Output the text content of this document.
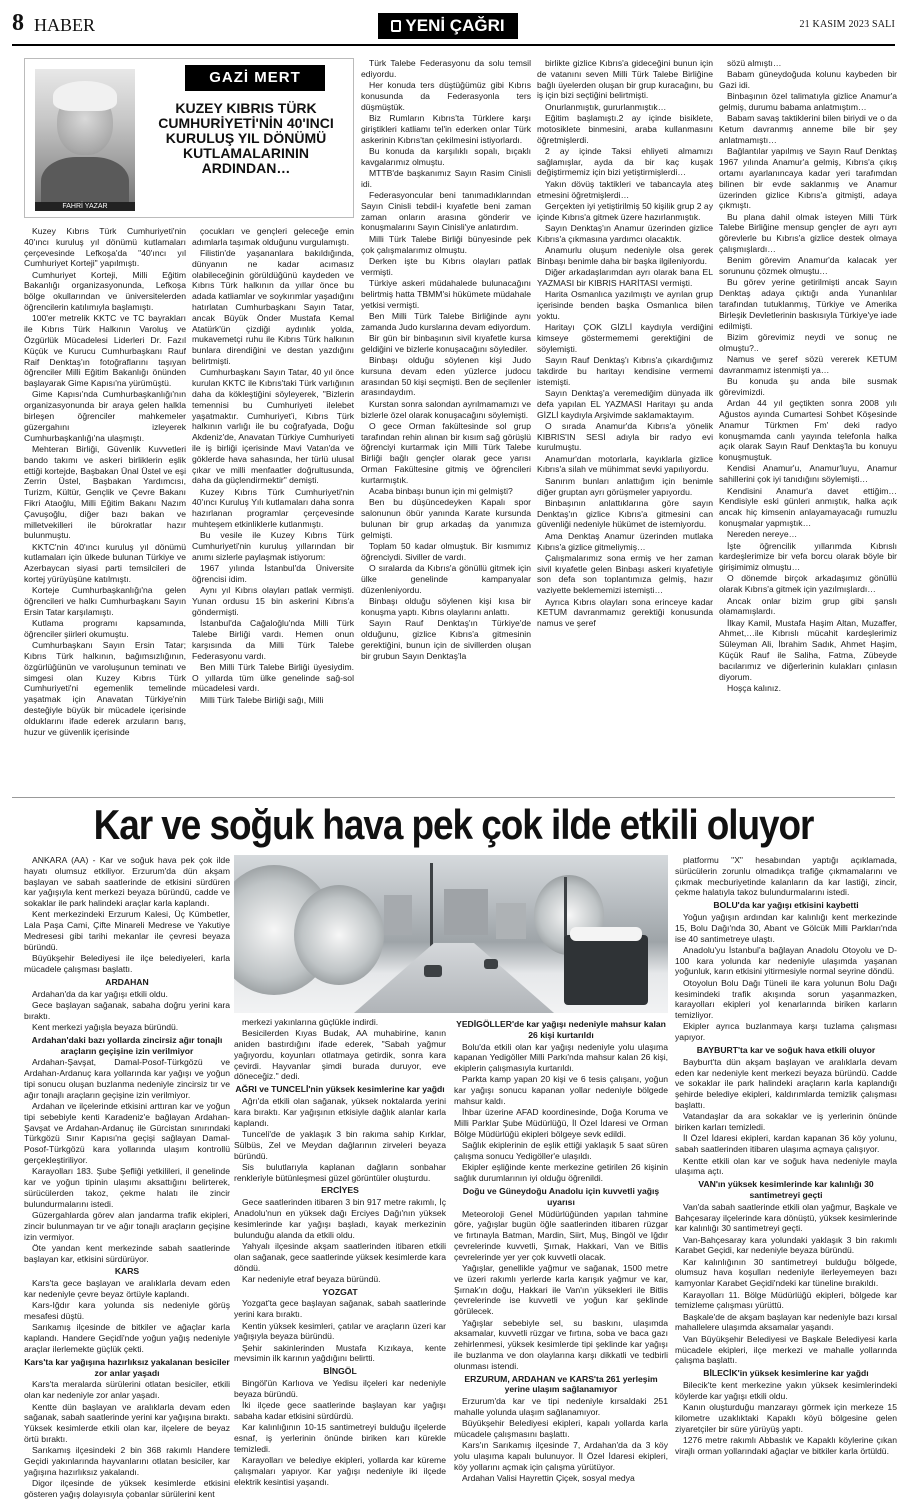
8 HABER	YENİ ÇAĞRI	21 KASIM 2023 SALI
FAHRİ YAZAR
GAZİ MERT
KUZEY KIBRIS TÜRK CUMHURİYETİ'NİN 40'INCI KURULUŞ YIL DÖNÜMÜ KUTLAMALARININ ARDINDAN…

Kuzey Kıbrıs Türk Cumhuriyeti'nin 40'ıncı kuruluş yıl dönümü kutlamaları çerçevesinde Lefkoşa'da "40'ıncı yıl Cumhuriyet Korteji" yapılmıştı.

Cumhuriyet Korteji, Milli Eğitim Bakanlığı organizasyonunda, Lefkoşa bölge okullarından ve üniversitelerden öğrencilerin katılımıyla başlamıştı.

100'er metrelik KKTC ve TC bayrakları ile Kıbrıs Türk Halkının Varoluş ve Özgürlük Mücadelesi Liderleri Dr. Fazıl Küçük ve Kurucu Cumhurbaşkanı Rauf Raif Denktaş'ın fotoğraflarını taşıyan öğrenciler Milli Eğitim Bakanlığı önünden başlayarak Gime Kapısı'na yürümüştü.

Gime Kapısı'nda Cumhurbaşkanlığı'nın organizasyonunda bir araya gelen halkla birleşen öğrenciler mahkemeler güzergahını izleyerek Cumhurbaşkanlığı'na ulaşmıştı.

Mehteran Birliği, Güvenlik Kuvvetleri bando takımı ve askeri birliklerin eşlik ettiği kortejde, Başbakan Ünal Üstel ve eşi Zerrin Üstel, Başbakan Yardımcısı, Turizm, Kültür, Gençlik ve Çevre Bakanı Fikri Ataoğlu, Milli Eğitim Bakanı Nazım Çavuşoğlu, diğer bazı bakan ve milletvekilleri ile bürokratlar hazır bulunmuştu.

KKTC'nin 40'ıncı kuruluş yıl dönümü kutlamaları için ülkede bulunan Türkiye ve Azerbaycan siyasi parti temsilcileri de kortej yürüyüşüne katılmıştı.

Korteje Cumhurbaşkanlığı'na gelen öğrencileri ve halkı Cumhurbaşkanı Sayın Ersin Tatar karşılamıştı.

Kutlama programı kapsamında, öğrenciler şiirleri okumuştu.

Cumhurbaşkanı Sayın Ersin Tatar; Kıbrıs Türk halkının, bağımsızlığının, özgürlüğünün ve varoluşunun teminatı ve simgesi olan Kuzey Kıbrıs Türk Cumhuriyeti'ni egemenlik temelinde yaşatmak için Anavatan Türkiye'nin desteğiyle büyük bir mücadele içerisinde olduklarını ifade ederek arzuların barış, huzur ve güvenlik içerisinde

çocukları ve gençleri geleceğe emin adımlarla taşımak olduğunu vurgulamıştı.

Filistin'de yaşananlara bakıldığında, dünyanın ne kadar acımasız olabileceğinin görüldüğünü kaydeden ve Kıbrıs Türk halkının da yıllar önce bu adada katliamlar ve soykırımlar yaşadığını hatırlatan Cumhurbaşkanı Sayın Tatar, ancak Büyük Önder Mustafa Kemal Atatürk'ün çizdiği aydınlık yolda, mukavemetçi ruhu ile Kıbrıs Türk halkının bunlara direndiğini ve destan yazdığını belirtmişti.

Cumhurbaşkanı Sayın Tatar, 40 yıl önce kurulan KKTC ile Kıbrıs'taki Türk varlığının daha da kökleştiğini söyleyerek, "Bizlerin temennisi bu Cumhuriyeti ilelebet yaşatmaktır. Cumhuriyet'i, Kıbrıs Türk halkının varlığı ile bu coğrafyada, Doğu Akdeniz'de, Anavatan Türkiye Cumhuriyeti ile iş birliği içerisinde Mavi Vatan'da ve göklerde hava sahasında, her türlü ulusal çıkar ve milli menfaatler doğrultusunda, daha da güçlendirmektir" demişti.

Kuzey Kıbrıs Türk Cumhuriyeti'nin 40'ıncı Kuruluş Yılı kutlamaları daha sonra hazırlanan programlar çerçevesinde muhteşem etkinliklerle kutlanmıştı.

Bu vesile ile Kuzey Kıbrıs Türk Cumhuriyeti'nin kuruluş yıllarından bir anımı sizlerle paylaşmak istiyorum:

1967 yılında İstanbul'da Üniversite öğrencisi idim.

Aynı yıl Kıbrıs olayları patlak vermişti. Yunan ordusu 15 bin askerini Kıbrıs'a göndermişti.

İstanbul'da Cağaloğlu'nda Milli Türk Talebe Birliği vardı. Hemen onun karşısında da Milli Türk Talebe Federasyonu vardı.

Ben Milli Türk Talebe Birliği üyesiydim. O yıllarda tüm ülke genelinde sağ-sol mücadelesi vardı.

Milli Türk Talebe Birliği sağı, Milli

Türk Talebe Federasyonu da solu temsil ediyordu.

Her konuda ters düştüğümüz gibi Kıbrıs konusunda da Federasyonla ters düşmüştük.

Biz Rumların Kıbrıs'ta Türklere karşı giriştikleri katliamı tel'in ederken onlar Türk askerinin Kıbrıs'tan çekilmesini istiyorlardı.

Bu konuda da karşılıklı sopalı, bıçaklı kavgalarımız olmuştu.

MTTB'de başkanımız Sayın Rasim Cinisli idi.

Federasyoncular beni tanımadıklarından Sayın Cinisli tebdil-i kıyafetle beni zaman zaman onların arasına gönderir ve konuşmalarını Sayın Cinisli'ye anlatırdım.

Milli Türk Talebe Birliği bünyesinde pek çok çalışmalarımız olmuştu.

Derken işte bu Kıbrıs olayları patlak vermişti.

Türkiye askeri müdahalede bulunacağını belirtmiş hatta TBMM'si hükümete müdahale yetkisi vermişti.

Ben Milli Türk Talebe Birliğinde aynı zamanda Judo kurslarına devam ediyordum.

Bir gün bir binbaşının sivil kıyafetle kursa geldiğini ve bizlerle konuşacağını söylediler.

Binbaşı olduğu söylenen kişi Judo kursuna devam eden yüzlerce judocu arasından 50 kişi seçmişti. Ben de seçilenler arasındaydım.

Kurstan sonra salondan ayrılmamamızı ve bizlerle özel olarak konuşacağını söylemişti.

O gece Orman fakültesinde sol grup tarafından rehin alınan bir kısım sağ görüşlü öğrenciyi kurtarmak için Milli Türk Talebe Birliği bağlı gençler olarak gece yarısı Orman Fakültesine gitmiş ve öğrencileri kurtarmıştık.

Acaba binbaşı bunun için mi gelmişti?

Ben bu düşüncedeyken Kapalı spor salonunun öbür yanında Karate kursunda bulunan bir grup arkadaş da yanımıza gelmişti.

Toplam 50 kadar olmuştuk. Bir kısmımız öğrenciydi. Siviller de vardı.

O sıralarda da Kıbrıs'a gönüllü gitmek için ülke genelinde kampanyalar düzenleniyordu.

Binbaşı olduğu söylenen kişi kısa bir konuşma yaptı. Kıbrıs olaylarını anlattı.

Sayın Rauf Denktaş'ın Türkiye'de olduğunu, gizlice Kıbrıs'a gitmesinin gerektiğini, bunun için de sivillerden oluşan bir grubun Sayın Denktaş'la

birlikte gizlice Kıbrıs'a gideceğini bunun için de vatanını seven Milli Türk Talebe Birliğine bağlı üyelerden oluşan bir grup kuracağını, bu iş için bizi seçtiğini belirtmişti.

Onurlanmıştık, gururlanmıştık…

Eğitim başlamıştı.2 ay içinde bisiklete, motosiklete binmesini, araba kullanmasını öğretmişlerdi.

2 ay içinde Taksi ehliyeti almamızı sağlamışlar, ayda da bir kaç kuşak değiştirmemiz için bizi yetiştirmişlerdi…

Yakın dövüş taktikleri ve tabancayla ateş etmesini öğretmişlerdi…

Gerçekten iyi yetiştirilmiş 50 kişilik grup 2 ay içinde Kıbrıs'a gitmek üzere hazırlanmıştık.

Sayın Denktaş'ın Anamur üzerinden gizlice Kıbrıs'a çıkmasına yardımcı olacaktık.

Anamurlu oluşum nedeniyle olsa gerek Binbaşı benimle daha bir başka ilgileniyordu.

Diğer arkadaşlarımdan ayrı olarak bana EL YAZMASI bir KIBRIS HARİTASI vermişti.

Harita Osmanlıca yazılmıştı ve ayrılan grup içerisinde benden başka Osmanlıca bilen yoktu.

Haritayı ÇOK GİZLİ kaydıyla verdiğini kimseye göstermememi gerektiğini de söylemişti.

Sayın Rauf Denktaş'ı Kıbrıs'a çıkardığımız takdirde bu haritayı kendisine vermemi istemişti.

Sayın Denktaş'a veremediğim dünyada ilk defa yapılan EL YAZMASI Haritayı şu anda GİZLİ kaydıyla Arşivimde saklamaktayım.

O sırada Anamur'da Kıbrıs'a yönelik KIBRIS'IN SESİ adıyla bir radyo evi kurulmuştu.

Anamur'dan motorlarla, kayıklarla gizlice Kıbrıs'a silah ve mühimmat sevki yapılıyordu.

Sanırım bunları anlattığım için benimle diğer gruptan ayrı görüşmeler yapıyordu.

Binbaşının anlattıklarına göre sayın Denktaş'ın gizlice Kıbrıs'a gitmesini can güvenliği nedeniyle hükümet de istemiyordu.

Ama Denktaş Anamur üzerinden mutlaka Kıbrıs'a gizlice gitmeliymiş…

Çalışmalarımız sona ermiş ve her zaman sivil kıyafetle gelen Binbaşı askeri kıyafetiyle son defa son toplantımıza gelmiş, hazır vaziyette beklememizi istemişti…

Ayrıca Kıbrıs olayları sona erinceye kadar KETUM davranmamız gerektiği konusunda namus ve şeref

sözü almıştı…

Babam güneydoğuda kolunu kaybeden bir Gazi idi.

Binbaşının özel talimatıyla gizlice Anamur'a gelmiş, durumu babama anlatmıştım…

Babam savaş taktiklerini bilen biriydi ve o da Ketum davranmış anneme bile bir şey anlatmamıştı…

Bağlantılar yapılmış ve Sayın Rauf Denktaş 1967 yılında Anamur'a gelmiş, Kıbrıs'a çıkış ortamı ayarlanıncaya kadar yeri tarafımdan bilinen bir evde saklanmış ve Anamur üzerinden gizlice Kıbrıs'a gitmişti, adaya çıkmıştı.

Bu plana dahil olmak isteyen Milli Türk Talebe Birliğine mensup gençler de ayrı ayrı görevlerle bu Kıbrıs'a gizlice destek olmaya çalışmışlardı…

Benim görevim Anamur'da kalacak yer sorununu çözmek olmuştu…

Bu görev yerine getirilmişti ancak Sayın Denktaş adaya çıktığı anda Yunanlılar tarafından tutuklanmış, Türkiye ve Amerika Birleşik Devletlerinin baskısıyla Türkiye'ye iade edilmişti.

Bizim görevimiz neydi ve sonuç ne olmuştu?..

Namus ve şeref sözü vererek KETUM davranmamız istenmişti ya…

Bu konuda şu anda bile susmak görevimizdi.

Ardan 44 yıl geçtikten sonra 2008 yılı Ağustos ayında Cumartesi Sohbet Köşesinde Anamur Türkmen Fm' deki radyo konuşmamda canlı yayında telefonla halka açık olarak Sayın Rauf Denktaş'la bu konuyu konuşmuştuk.

Kendisi Anamur'u, Anamur'luyu, Anamur sahillerini çok iyi tanıdığını söylemişti…

Kendisini Anamur'a davet ettiğim… Kendisiyle eski günleri anmıştık, halka açık ancak hiç kimsenin anlayamayacağı rumuzlu konuşmalar yapmıştık…

Nereden nereye…

İşte öğrencilik yıllarımda Kıbrıslı kardeşlerimize bir vefa borcu olarak böyle bir girişimimiz olmuştu…

O dönemde birçok arkadaşımız gönüllü olarak Kıbrıs'a gitmek için yazılmışlardı…

Ancak onlar bizim grup gibi şanslı olamamışlardı.

İlkay Kamil, Mustafa Haşim Altan, Muzaffer, Ahmet,…ile Kıbrıslı mücahit kardeşlerimiz Süleyman Ali, İbrahim Sadık, Ahmet Haşim, Küçük Rauf ile Saliha, Fatma, Zübeyde bacılarımız ve diğerlerinin kulakları çınlasın diyorum.

Hoşça kalınız.

Kar ve soğuk hava pek çok ilde etkili oluyor

ANKARA (AA) - Kar ve soğuk hava pek çok ilde hayatı olumsuz etkiliyor. Erzurum'da dün akşam başlayan ve sabah saatlerinde de etkisini sürdüren kar yağışıyla kent merkezi beyaza büründü, cadde ve sokaklar ile park halindeki araçlar karla kaplandı.

Kent merkezindeki Erzurum Kalesi, Üç Kümbetler, Lala Paşa Cami, Çifte Minareli Medrese ve Yakutiye Medresesi gibi tarihi mekanlar ile çevresi beyaza büründü.

Büyükşehir Belediyesi ile ilçe belediyeleri, karla mücadele çalışması başlattı.

ARDAHAN

Ardahan'da da kar yağışı etkili oldu.

Gece başlayan sağanak, sabaha doğru yerini kara bıraktı.

Kent merkezi yağışla beyaza büründü.

Ardahan'daki bazı yollarda zincirsiz ağır tonajlı araçların geçişine izin verilmiyor

Ardahan-Şavşat, Damal-Posof-Türkgözü ve Ardahan-Ardanuç kara yollarında kar yağışı ve yoğun tipi sonucu oluşan buzlanma nedeniyle zincirsiz tır ve ağır tonajlı araçların geçişine izin verilmiyor.

Ardahan ve ilçelerinde etkisini arttıran kar ve yoğun tipi sebebiyle kenti Karadeniz'e bağlayan Ardahan-Şavşat ve Ardahan-Ardanuç ile Gürcistan sınırındaki Türkgözü Sınır Kapısı'na geçişi sağlayan Damal-Posof-Türkgözü kara yollarında ulaşım kontrollü gerçekleştiriliyor.

Karayolları 183. Şube Şefliği yetkilileri, il genelinde kar ve yoğun tipinin ulaşımı aksattığını belirterek, sürücülerden takoz, çekme halatı ile zincir bulundurmalarını istedi.

Güzergahlarda görev alan jandarma trafik ekipleri, zincir bulunmayan tır ve ağır tonajlı araçların geçişine izin vermiyor.

Öte yandan kent merkezinde sabah saatlerinde başlayan kar, etkisini sürdürüyor.

KARS

Kars'ta gece başlayan ve aralıklarla devam eden kar nedeniyle çevre beyaz örtüyle kaplandı.

Kars-Iğdır kara yolunda sis nedeniyle görüş mesafesi düştü.

Sarıkamış ilçesinde de bitkiler ve ağaçlar karla kaplandı. Handere Geçidi'nde yoğun yağış nedeniyle araçlar ilerlemekte güçlük çekti.

Kars'ta kar yağışına hazırlıksız yakalanan besiciler zor anlar yaşadı

Kars'ta meralarda sürülerini otlatan besiciler, etkili olan kar nedeniyle zor anlar yaşadı.

Kentte dün başlayan ve aralıklarla devam eden sağanak, sabah saatlerinde yerini kar yağışına bıraktı. Yüksek kesimlerde etkili olan kar, ilçelere de beyaz örtü bıraktı.

Sarıkamış ilçesindeki 2 bin 368 rakımlı Handere Geçidi yakınlarında hayvanlarını otlatan besiciler, kar yağışına hazırlıksız yakalandı.

Digor ilçesinde de yüksek kesimlerde etkisini gösteren yağış dolayısıyla çobanlar sürülerini kent

merkezi yakınlarına güçlükle indirdi.

Besicilerden Kıyas Budak, AA muhabirine, kanın aniden bastırdığını ifade ederek, "Sabah yağmur yağıyordu, koyunları otlatmaya getirdik, sonra kara çevirdi. Hayvanlar şimdi burada duruyor, eve döneceğiz." dedi.

AĞRI ve TUNCELİ'nin yüksek kesimlerine kar yağdı

Ağrı'da etkili olan sağanak, yüksek noktalarda yerini kara bıraktı. Kar yağışının etkisiyle dağlık alanlar karla kaplandı.

Tunceli'de de yaklaşık 3 bin rakıma sahip Kırklar, Sülbüs, Zel ve Meydan dağlarının zirveleri beyaza büründü.

Sis bulutlarıyla kaplanan dağların sonbahar renkleriyle bütünleşmesi güzel görüntüler oluşturdu.

ERCİYES

Gece saatlerinden itibaren 3 bin 917 metre rakımlı, İç Anadolu'nun en yüksek dağı Erciyes Dağı'nın yüksek kesimlerinde kar yağışı başladı, kayak merkezinin bulunduğu alanda da etkili oldu.

Yahyalı ilçesinde akşam saatlerinden itibaren etkili olan sağanak, gece saatlerinde yüksek kesimlerde kara döndü.

Kar nedeniyle etraf beyaza büründü.

YOZGAT

Yozgat'ta gece başlayan sağanak, sabah saatlerinde yerini kara bıraktı.

Kentin yüksek kesimleri, çatılar ve araçların üzeri kar yağışıyla beyaza büründü.

Şehir sakinlerinden Mustafa Kızıkaya, kente mevsimin ilk karının yağdığını belirtti.

BİNGÖL

Bingöl'ün Karlıova ve Yedisu ilçeleri kar nedeniyle beyaza büründü.

İki ilçede gece saatlerinde başlayan kar yağışı sabaha kadar etkisini sürdürdü.

Kar kalınlığının 10-15 santimetreyi bulduğu ilçelerde esnaf, iş yerlerinin önünde biriken karı kürekle temizledi.

Karayolları ve belediye ekipleri, yollarda kar küreme çalışmaları yapıyor. Kar yağışı nedeniyle iki ilçede elektrik kesintisi yaşandı.

YEDİGÖLLER'de kar yağışı nedeniyle mahsur kalan 26 kişi kurtarıldı

Bolu'da etkili olan kar yağışı nedeniyle yolu ulaşıma kapanan Yedigöller Milli Parkı'nda mahsur kalan 26 kişi, ekiplerin çalışmasıyla kurtarıldı.

Parkta kamp yapan 20 kişi ve 6 tesis çalışanı, yoğun kar yağışı sonucu kapanan yollar nedeniyle bölgede mahsur kaldı.

İhbar üzerine AFAD koordinesinde, Doğa Koruma ve Milli Parklar Şube Müdürlüğü, İl Özel İdaresi ve Orman Bölge Müdürlüğü ekipleri bölgeye sevk edildi.

Sağlık ekiplerinin de eşlik ettiği yaklaşık 5 saat süren çalışma sonucu Yedigöller'e ulaşıldı.

Ekipler eşliğinde kente merkezine getirilen 26 kişinin sağlık durumlarının iyi olduğu öğrenildi.

Doğu ve Güneydoğu Anadolu için kuvvetli yağış uyarısı

Meteoroloji Genel Müdürlüğünden yapılan tahmine göre, yağışlar bugün öğle saatlerinden itibaren rüzgar ve fırtınayla Batman, Mardin, Siirt, Muş, Bingöl ve Iğdır çevrelerinde kuvvetli, Şırnak, Hakkari, Van ve Bitlis çevrelerinde yer yer çok kuvvetli olacak.

Yağışlar, genellikle yağmur ve sağanak, 1500 metre ve üzeri rakımlı yerlerde karla karışık yağmur ve kar, Şırnak'ın doğu, Hakkari ile Van'ın yüksekleri ile Bitlis çevrelerinde ise kuvvetli ve yoğun kar şeklinde görülecek.

Yağışlar sebebiyle sel, su baskını, ulaşımda aksamalar, kuvvetli rüzgar ve fırtına, soba ve baca gazı zehirlenmesi, yüksek kesimlerde tipi şeklinde kar yağışı ile buzlanma ve don olaylarına karşı dikkatli ve tedbirli olunması istendi.

ERZURUM, ARDAHAN ve KARS'ta 261 yerleşim yerine ulaşım sağlanamıyor

Erzurum'da kar ve tipi nedeniyle kırsaldaki 251 mahalle yolunda ulaşım sağlanamıyor.

Büyükşehir Belediyesi ekipleri, kapalı yollarda karla mücadele çalışmasını başlattı.

Kars'ın Sarıkamış ilçesinde 7, Ardahan'da da 3 köy yolu ulaşıma kapalı bulunuyor. İl Özel İdaresi ekipleri, köy yollarını açmak için çalışma yürütüyor.

Ardahan Valisi Hayrettin Çiçek, sosyal medya

platformu "X" hesabından yaptığı açıklamada, sürücülerin zorunlu olmadıkça trafiğe çıkmamalarını ve çıkmak mecburiyetinde kalanların da kar lastiği, zincir, çekme halatıyla takoz bulundurmalarını istedi.

BOLU'da kar yağışı etkisini kaybetti

Yoğun yağışın ardından kar kalınlığı kent merkezinde 15, Bolu Dağı'nda 30, Abant ve Gölcük Milli Parkları'nda ise 40 santimetreye ulaştı.

Anadolu'yu İstanbul'a bağlayan Anadolu Otoyolu ve D-100 kara yolunda kar nedeniyle ulaşımda yaşanan yoğunluk, karın etkisini yitirmesiyle normal seyrine döndü.

Otoyolun Bolu Dağı Tüneli ile kara yolunun Bolu Dağı kesimindeki trafik akışında sorun yaşanmazken, karayolları ekipleri yol kenarlarında biriken karların temizliyor.

Ekipler ayrıca buzlanmaya karşı tuzlama çalışması yapıyor.

BAYBURT'ta kar ve soğuk hava etkili oluyor

Bayburt'ta dün akşam başlayan ve aralıklarla devam eden kar nedeniyle kent merkezi beyaza büründü. Cadde ve sokaklar ile park halindeki araçların karla kaplandığı şehirde belediye ekipleri, kaldırımlarda temizlik çalışması başlattı.

Vatandaşlar da ara sokaklar ve iş yerlerinin önünde biriken karları temizledi.

İl Özel İdaresi ekipleri, kardan kapanan 36 köy yolunu, sabah saatlerinden itibaren ulaşıma açmaya çalışıyor.

Kentte etkili olan kar ve soğuk hava nedeniyle mayla ulaşıma açtı.

VAN'ın yüksek kesimlerinde kar kalınlığı 30 santimetreyi geçti

Van'da sabah saatlerinde etkili olan yağmur, Başkale ve Bahçesaray ilçelerinde kara dönüştü, yüksek kesimlerinde kar kalınlığı 30 santimetreyi geçti.

Van-Bahçesaray kara yolundaki yaklaşık 3 bin rakımlı Karabet Geçidi, kar nedeniyle beyaza büründü.

Kar kalınlığının 30 santimetreyi bulduğu bölgede, olumsuz hava koşulları nedeniyle ilerleyemeyen bazı kamyonlar Karabet Geçidi'ndeki kar tüneline bırakıldı.

Karayolları 11. Bölge Müdürlüğü ekipleri, bölgede kar temizleme çalışması yürüttü.

Başkale'de de akşam başlayan kar nedeniyle bazı kırsal mahallelere ulaşımda aksamalar yaşandı.

Van Büyükşehir Belediyesi ve Başkale Belediyesi karla mücadele ekipleri, ilçe merkezi ve mahalle yollarında çalışma başlattı.

BİLECİK'in yüksek kesimlerine kar yağdı

Bilecik'te kent merkezine yakın yüksek kesimlerindeki köylerde kar yağışı etkili oldu.

Kanın oluşturduğu manzarayı görmek için merkeze 15 kilometre uzaklıktaki Kapaklı köyü bölgesine gelen ziyaretçiler bir süre yürüyüş yaptı.

1276 metre rakımlı Abbaslık ve Kapaklı köylerine çıkan virajlı orman yollarındaki ağaçlar ve bitkiler karla örtüldü.
